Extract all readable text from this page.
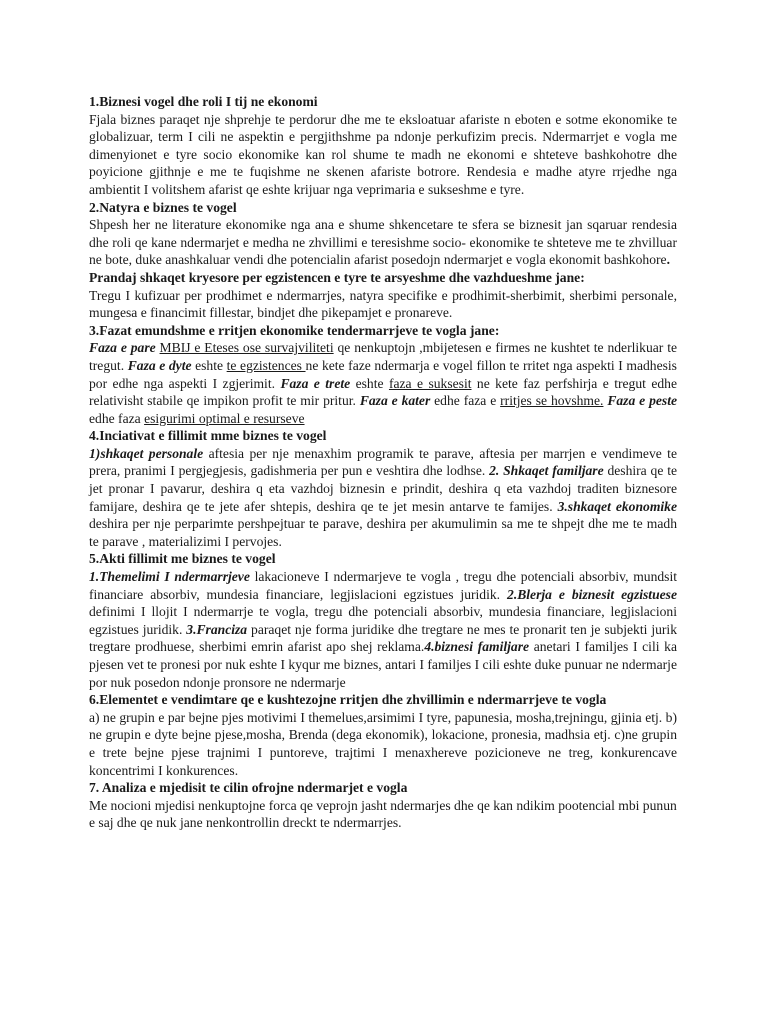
1.Biznesi vogel dhe roli I tij ne ekonomi

Fjala biznes paraqet nje shprehje te perdorur dhe me te eksloatuar afariste n eboten e sotme ekonomike te globalizuar, term I cili ne aspektin e pergjithshme pa ndonje perkufizim precis. Ndermarrjet e vogla me dimenyionet e tyre socio ekonomike kan rol shume te madh ne ekonomi e shteteve bashkohotre dhe poyicione gjithnje e me te fuqishme ne skenen afariste botrore. Rendesia e madhe atyre rrjedhe nga ambientit I volitshem afarist qe eshte krijuar nga veprimaria e sukseshme e tyre.

2.Natyra e biznes te vogel

Shpesh her ne literature ekonomike nga ana e shume shkencetare te sfera se biznesit jan sqaruar rendesia dhe roli qe kane ndermarjet e medha ne zhvillimi e teresishme socio- ekonomike te shteteve me te zhvilluar ne bote, duke anashkaluar vendi dhe potencialin afarist posedojn ndermarjet e vogla ekonomit bashkohore.

Prandaj shkaqet kryesore per egzistencen e tyre te arsyeshme dhe vazhdueshme jane:

Tregu I kufizuar per prodhimet e ndermarrjes, natyra specifike e prodhimit-sherbimit, sherbimi personale, mungesa e financimit fillestar, bindjet dhe pikepamjet e pronareve.

3.Fazat emundshme e rritjen ekonomike tendermarrjeve te vogla jane:

Faza e pare MBIJ e Eteses ose survajviliteti qe nenkuptojn ,mbijetesen e firmes ne kushtet te nderlikuar te tregut. Faza e dyte eshte te egzistences ne kete faze ndermarja e vogel fillon te rritet nga aspekti I madhesis por edhe nga aspekti I zgjerimit. Faza e trete eshte faza e suksesit ne kete faz perfshirja e tregut edhe relativisht stabile qe impikon profit te mir pritur. Faza e kater edhe faza e rritjes se hovshme. Faza e peste edhe faza esigurimi optimal e resurseve

4.Inciativat e fillimit mme biznes te vogel

1)shkaqet personale aftesia per nje menaxhim programik te parave, aftesia per marrjen e vendimeve te prera, pranimi I pergjegjesis, gadishmeria per pun e veshtira dhe lodhse. 2. Shkaqet familjare deshira qe te jet pronar I pavarur, deshira q eta vazhdoj biznesin e prindit, deshira q eta vazhdoj traditen biznesore famijare, deshira qe te jete afer shtepis, deshira qe te jet mesin antarve te famijes. 3.shkaqet ekonomike deshira per nje perparimte pershpejtuar te parave, deshira per akumulimin sa me te shpejt dhe me te madh te parave , materializimi I pervojes.

5.Akti fillimit me biznes te vogel

1.Themelimi I ndermarrjeve lakacioneve I ndermarjeve te vogla , tregu dhe potenciali absorbiv, mundsit financiare absorbiv, mundesia financiare, legjislacioni egzistues juridik. 2.Blerja e biznesit egzistuese definimi I llojit I ndermarrje te vogla, tregu dhe potenciali absorbiv, mundesia financiare, legjislacioni egzistues juridik. 3.Franciza paraqet nje forma juridike dhe tregtare ne mes te pronarit ten je subjekti jurik tregtare prodhuese, sherbimi emrin afarist apo shej reklama.4.biznesi familjare anetari I familjes I cili ka pjesen vet te pronesi por nuk eshte I kyqur me biznes, antari I familjes I cili eshte duke punuar ne ndermarje por nuk posedon ndonje pronsore ne ndermarje

6.Elementet e vendimtare qe e kushtezojne rritjen dhe zhvillimin e ndermarrjeve te vogla

a) ne grupin e par bejne pjes motivimi I themelues,arsimimi I tyre, papunesia, mosha,trejningu, gjinia etj. b) ne grupin e dyte bejne pjese,mosha, Brenda (dega ekonomik), lokacione, pronesia, madhsia etj. c)ne grupin e trete bejne pjese trajnimi I puntoreve, trajtimi I menaxhereve pozicioneve ne treg, konkurencave koncentrimi I konkurences.

7. Analiza e mjedisit te cilin ofrojne ndermarjet e vogla

Me nocioni mjedisi nenkuptojne forca qe veprojn jasht ndermarjes dhe qe kan ndikim pootencial mbi punun e saj dhe qe nuk jane nenkontrollin dreckt te ndermarrjes.
